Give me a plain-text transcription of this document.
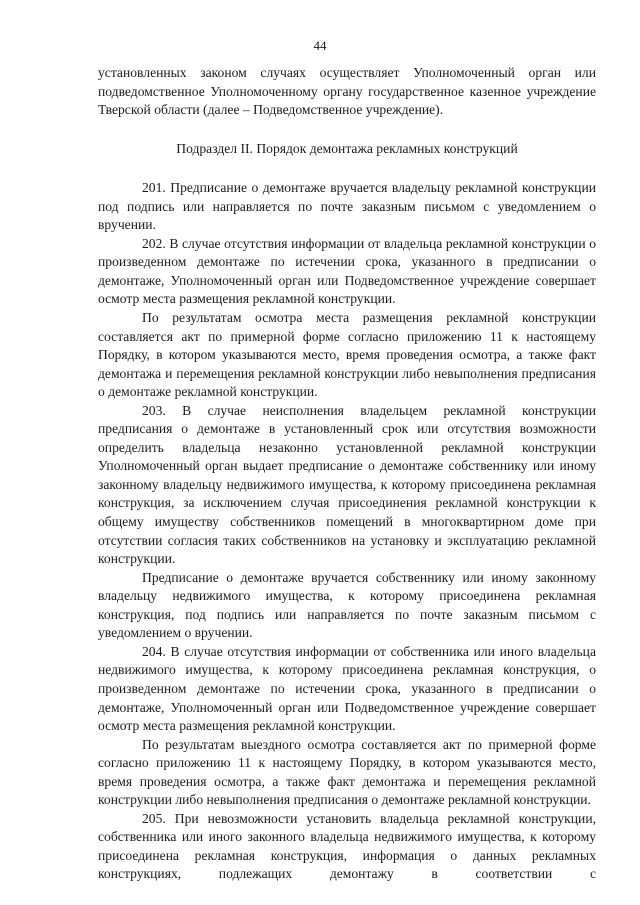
44

установленных законом случаях осуществляет Уполномоченный орган или подведомственное Уполномоченному органу государственное казенное учреждение Тверской области (далее – Подведомственное учреждение).

Подраздел II. Порядок демонтажа рекламных конструкций

201. Предписание о демонтаже вручается владельцу рекламной конструкции под подпись или направляется по почте заказным письмом с уведомлением о вручении.

202. В случае отсутствия информации от владельца рекламной конструкции о произведенном демонтаже по истечении срока, указанного в предписании о демонтаже, Уполномоченный орган или Подведомственное учреждение совершает осмотр места размещения рекламной конструкции.

По результатам осмотра места размещения рекламной конструкции составляется акт по примерной форме согласно приложению 11 к настоящему Порядку, в котором указываются место, время проведения осмотра, а также факт демонтажа и перемещения рекламной конструкции либо невыполнения предписания о демонтаже рекламной конструкции.

203. В случае неисполнения владельцем рекламной конструкции предписания о демонтаже в установленный срок или отсутствия возможности определить владельца незаконно установленной рекламной конструкции Уполномоченный орган выдает предписание о демонтаже собственнику или иному законному владельцу недвижимого имущества, к которому присоединена рекламная конструкция, за исключением случая присоединения рекламной конструкции к общему имуществу собственников помещений в многоквартирном доме при отсутствии согласия таких собственников на установку и эксплуатацию рекламной конструкции.

Предписание о демонтаже вручается собственнику или иному законному владельцу недвижимого имущества, к которому присоединена рекламная конструкция, под подпись или направляется по почте заказным письмом с уведомлением о вручении.

204. В случае отсутствия информации от собственника или иного владельца недвижимого имущества, к которому присоединена рекламная конструкция, о произведенном демонтаже по истечении срока, указанного в предписании о демонтаже, Уполномоченный орган или Подведомственное учреждение совершает осмотр места размещения рекламной конструкции.

По результатам выездного осмотра составляется акт по примерной форме согласно приложению 11 к настоящему Порядку, в котором указываются место, время проведения осмотра, а также факт демонтажа и перемещения рекламной конструкции либо невыполнения предписания о демонтаже рекламной конструкции.

205. При невозможности установить владельца рекламной конструкции, собственника или иного законного владельца недвижимого имущества, к которому присоединена рекламная конструкция, информация о данных рекламных конструкциях, подлежащих демонтажу в соответствии с
